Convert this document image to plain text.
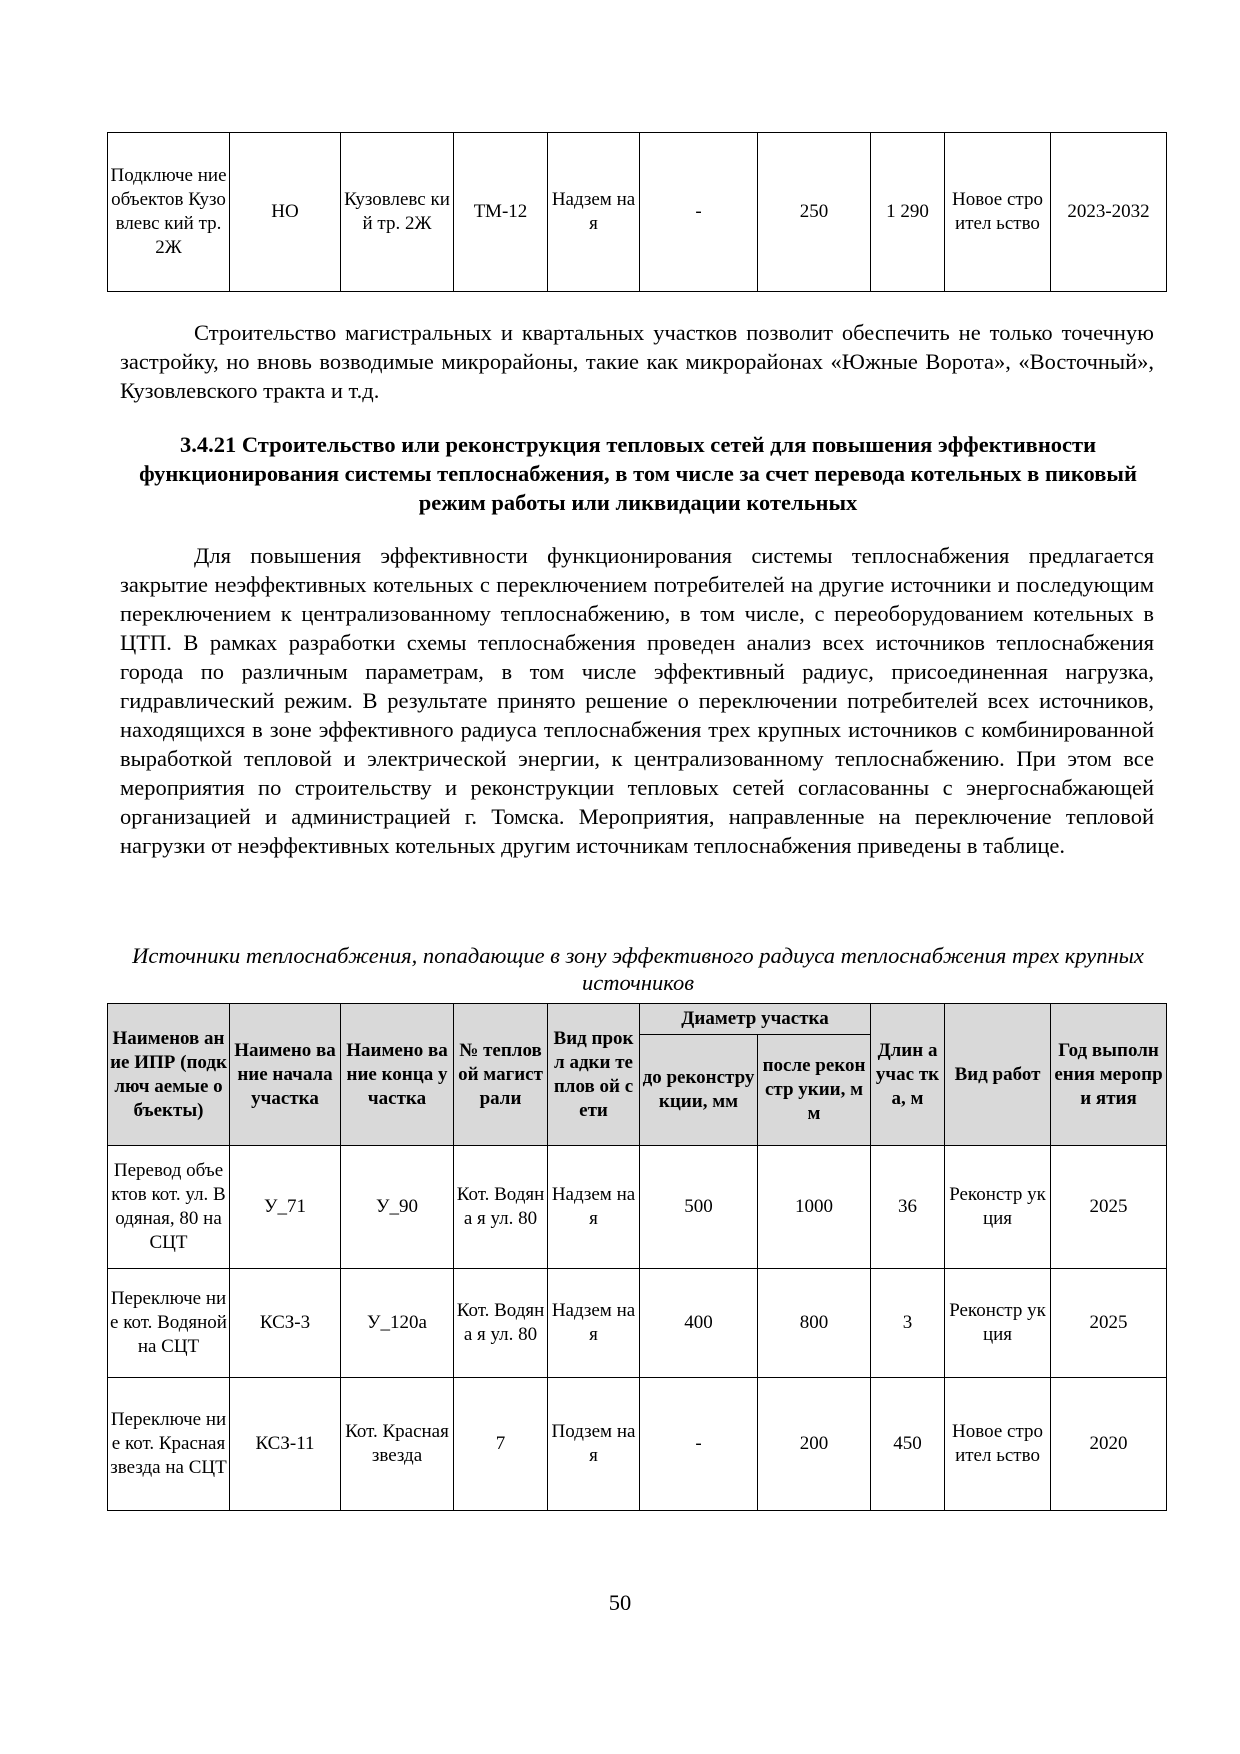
Подключе ние объектов Кузовлевс кий тр. 2Ж	НО	Кузовлевс кий тр. 2Ж	ТМ-12	Надзем ная	-	250	1 290	Новое строител ьство	2023-2032

Строительство магистральных и квартальных участков позволит обеспечить не только точечную застройку, но вновь возводимые микрорайоны, такие как микрорайонах «Южные Ворота», «Восточный», Кузовлевского тракта и т.д.

3.4.21 Строительство или реконструкция тепловых сетей для повышения эффективности функционирования системы теплоснабжения, в том числе за счет перевода котельных в пиковый режим работы или ликвидации котельных

Для повышения эффективности функционирования системы теплоснабжения предлагается закрытие неэффективных котельных с переключением потребителей на другие источники и последующим переключением к централизованному теплоснабжению, в том числе, с переоборудованием котельных в ЦТП. В рамках разработки схемы теплоснабжения проведен анализ всех источников теплоснабжения города по различным параметрам, в том числе эффективный радиус, присоединенная нагрузка, гидравлический режим. В результате принято решение о переключении потребителей всех источников, находящихся в зоне эффективного радиуса теплоснабжения трех крупных источников с комбинированной выработкой тепловой и электрической энергии, к централизованному теплоснабжению. При этом все мероприятия по строительству и реконструкции тепловых сетей согласованны с энергоснабжающей организацией и администрацией г. Томска. Мероприятия, направленные на переключение тепловой нагрузки от неэффективных котельных другим источникам теплоснабжения приведены в таблице.

Источники теплоснабжения, попадающие в зону эффективного радиуса теплоснабжения трех крупных источников

Наименов ание ИПР (подключ аемые объекты)	Наимено вание начала участка	Наимено вание конца участка	№ теплов ой магист рали	Вид прокл адки теплов ой сети	Диаметр участка		Длин а учас тка, м	Вид работ	Год выполн ения меропри ятия
					до реконстру кции, мм	после реконстр укии, мм			
Перевод объектов кот. ул. Водяная, 80 на СЦТ	У_71	У_90	Кот. Водяна я ул. 80	Надзем ная	500	1000	36	Реконстр укция	2025
Переключе ние кот. Водяной на СЦТ	КСЗ-3	У_120а	Кот. Водяна я ул. 80	Надзем ная	400	800	3	Реконстр укция	2025
Переключе ние кот. Красная звезда на СЦТ	КСЗ-11	Кот. Красная звезда	7	Подзем ная	-	200	450	Новое строител ьство	2020

50
